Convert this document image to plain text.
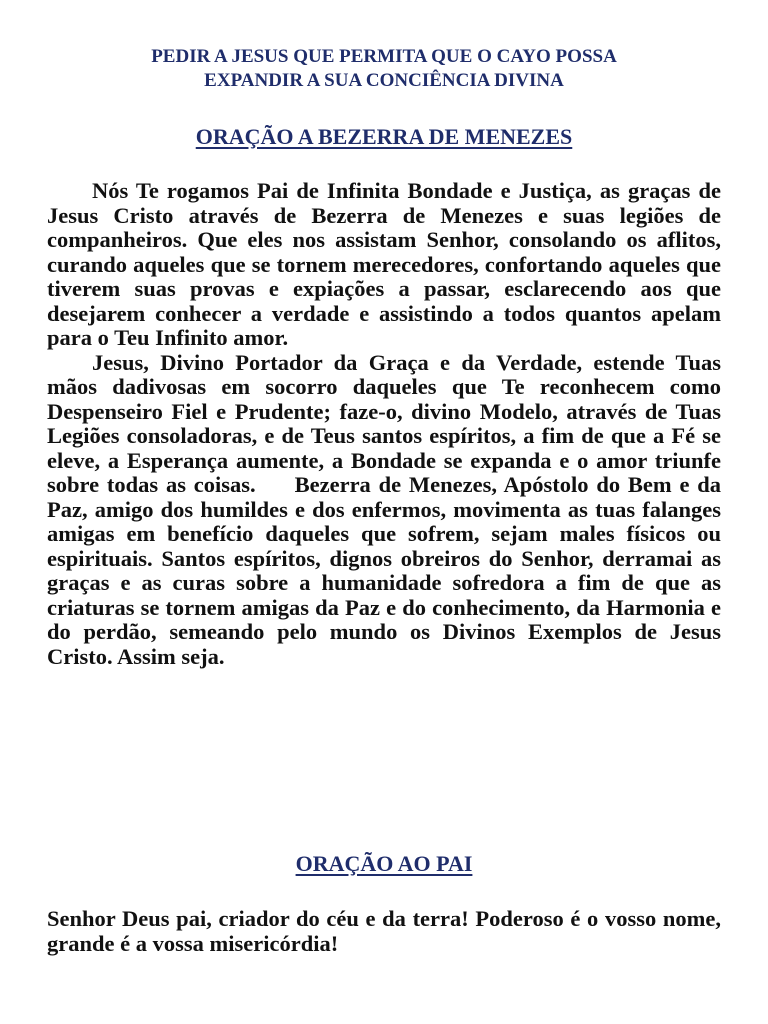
PEDIR A JESUS QUE PERMITA QUE O CAYO POSSA
EXPANDIR A SUA CONCIÊNCIA DIVINA
ORAÇÃO A BEZERRA DE MENEZES

Nós Te rogamos Pai de Infinita Bondade e Justiça, as graças de Jesus Cristo através de Bezerra de Menezes e suas legiões de companheiros. Que eles nos assistam Senhor, consolando os aflitos, curando aqueles que se tornem merecedores, confortando aqueles que tiverem suas provas e expiações a passar, esclarecendo aos que desejarem conhecer a verdade e assistindo a todos quantos apelam para o Teu Infinito amor.

Jesus, Divino Portador da Graça e da Verdade, estende Tuas mãos dadivosas em socorro daqueles que Te reconhecem como Despenseiro Fiel e Prudente; faze-o, divino Modelo, através de Tuas Legiões consoladoras, e de Teus santos espíritos, a fim de que a Fé se eleve, a Esperança aumente, a Bondade se expanda e o amor triunfe sobre todas as coisas.     Bezerra de Menezes, Apóstolo do Bem e da Paz, amigo dos humildes e dos enfermos, movimenta as tuas falanges amigas em benefício daqueles que sofrem, sejam males físicos ou espirituais. Santos espíritos, dignos obreiros do Senhor, derramai as graças e as curas sobre a humanidade sofredora a fim de que as criaturas se tornem amigas da Paz e do conhecimento, da Harmonia e do perdão, semeando pelo mundo os Divinos Exemplos de Jesus Cristo. Assim seja.

ORAÇÃO AO PAI

Senhor Deus pai, criador do céu e da terra! Poderoso é o vosso nome, grande é a vossa misericórdia!
